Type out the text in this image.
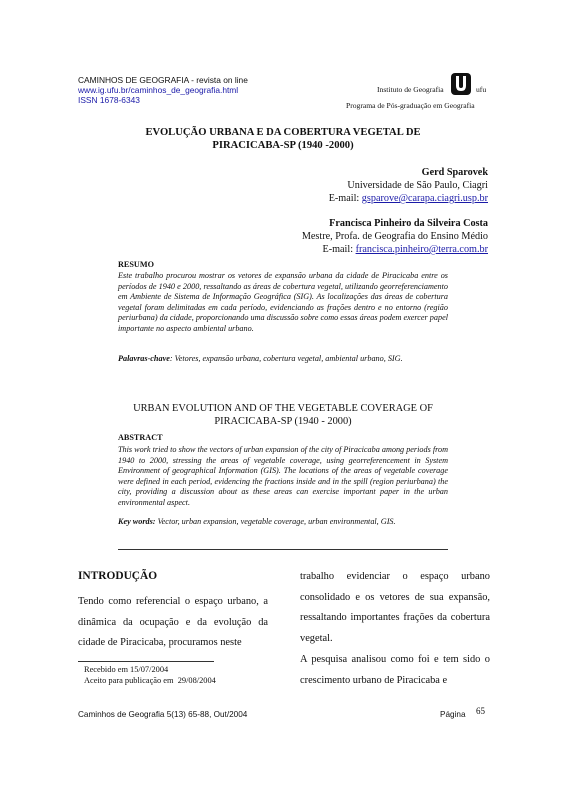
CAMINHOS DE GEOGRAFIA - revista on line
www.ig.ufu.br/caminhos_de_geografia.html
ISSN 1678-6343
Instituto de Geografia	ufu
Programa de Pós-graduação em Geografia
EVOLUÇÃO URBANA E DA COBERTURA VEGETAL DE PIRACICABA-SP (1940 -2000)
Gerd Sparovek
Universidade de São Paulo, Ciagri
E-mail: gsparove@carapa.ciagri.usp.br
Francisca Pinheiro da Silveira Costa
Mestre, Profa. de Geografia do Ensino Médio
E-mail: francisca.pinheiro@terra.com.br
RESUMO
Este trabalho procurou mostrar os vetores de expansão urbana da cidade de Piracicaba entre os períodos de 1940 e 2000, ressaltando as áreas de cobertura vegetal, utilizando georreferenciamento em Ambiente de Sistema de Informação Geográfica (SIG). As localizações das áreas de cobertura vegetal foram delimitadas em cada período, evidenciando as frações dentro e no entorno (região periurbana) da cidade, proporcionando uma discussão sobre como essas áreas podem exercer papel importante no aspecto ambiental urbano.
Palavras-chave: Vetores, expansão urbana, cobertura vegetal, ambiental urbano, SIG.
URBAN EVOLUTION AND OF THE VEGETABLE COVERAGE OF PIRACICABA-SP (1940 - 2000)
ABSTRACT
This work tried to show the vectors of urban expansion of the city of Piracicaba among periods from 1940 to 2000, stressing the areas of vegetable coverage, using georreferencement in System Environment of geographical Information (GIS). The locations of the areas of vegetable coverage were defined in each period, evidencing the fractions inside and in the spill (region periurbana) the city, providing a discussion about as these areas can exercise important paper in the urban environmental aspect.
Key words: Vector, urban expansion, vegetable coverage, urban environmental, GIS.
INTRODUÇÃO
Tendo como referencial o espaço urbano, a dinâmica da ocupação e da evolução da cidade de Piracicaba, procuramos neste
trabalho evidenciar o espaço urbano consolidado e os vetores de sua expansão, ressaltando importantes frações da cobertura vegetal.
A pesquisa analisou como foi e tem sido o crescimento urbano de Piracicaba e
Recebido em 15/07/2004
Aceito para publicação em  29/08/2004
Caminhos de Geografia 5(13) 65-88, Out/2004	Página 65
